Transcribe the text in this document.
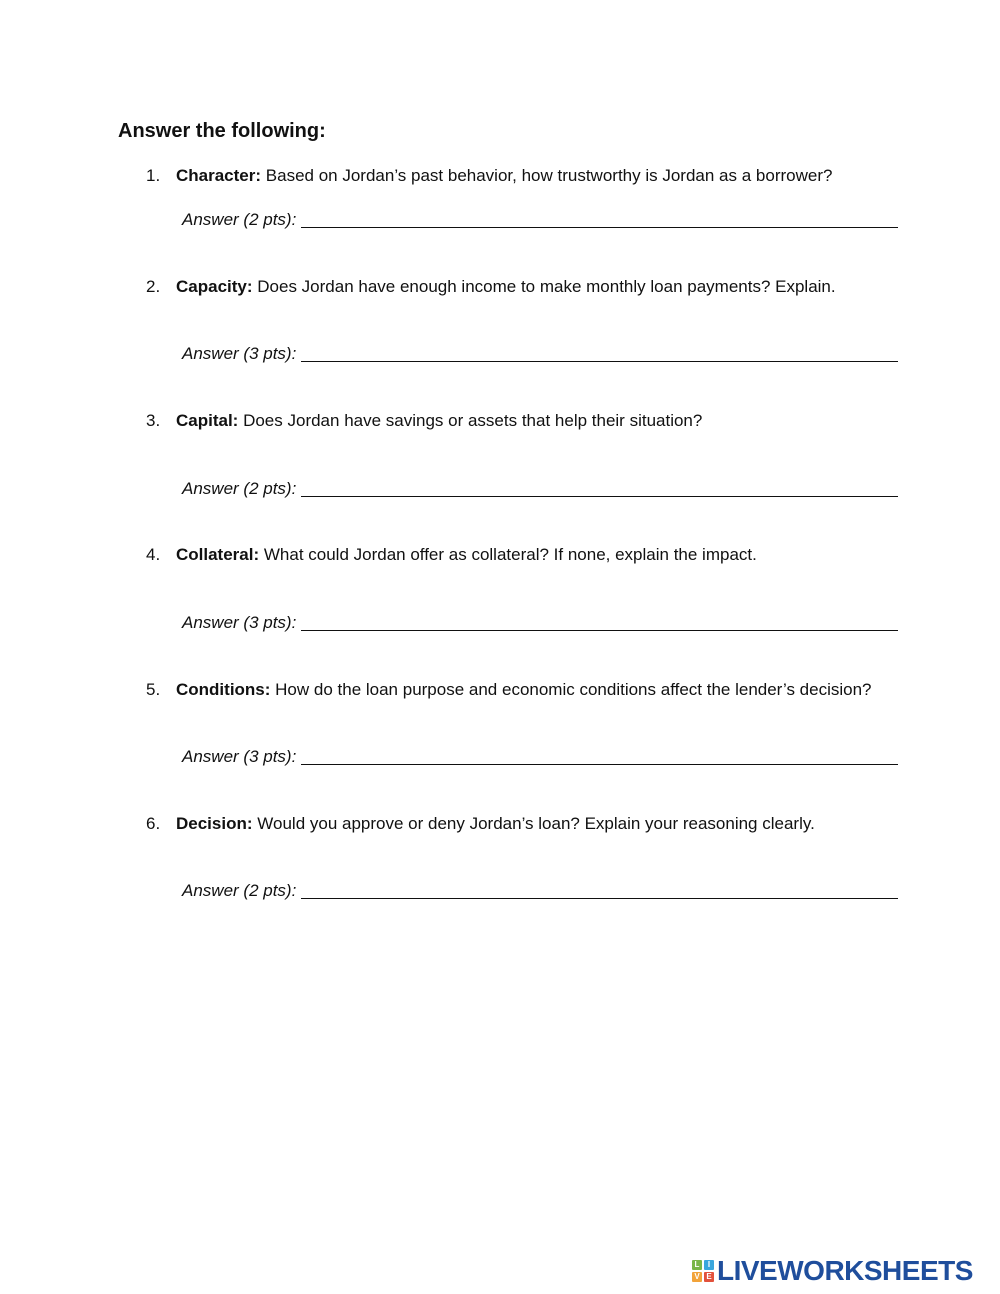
Answer the following:
1. Character: Based on Jordan’s past behavior, how trustworthy is Jordan as a borrower?
Answer (2 pts):
2. Capacity: Does Jordan have enough income to make monthly loan payments? Explain.
Answer (3 pts):
3. Capital: Does Jordan have savings or assets that help their situation?
Answer (2 pts):
4. Collateral: What could Jordan offer as collateral? If none, explain the impact.
Answer (3 pts):
5. Conditions: How do the loan purpose and economic conditions affect the lender’s decision?
Answer (3 pts):
6. Decision: Would you approve or deny Jordan’s loan? Explain your reasoning clearly.
Answer (2 pts):
L	I
V E LIVEWORKSHEETS
